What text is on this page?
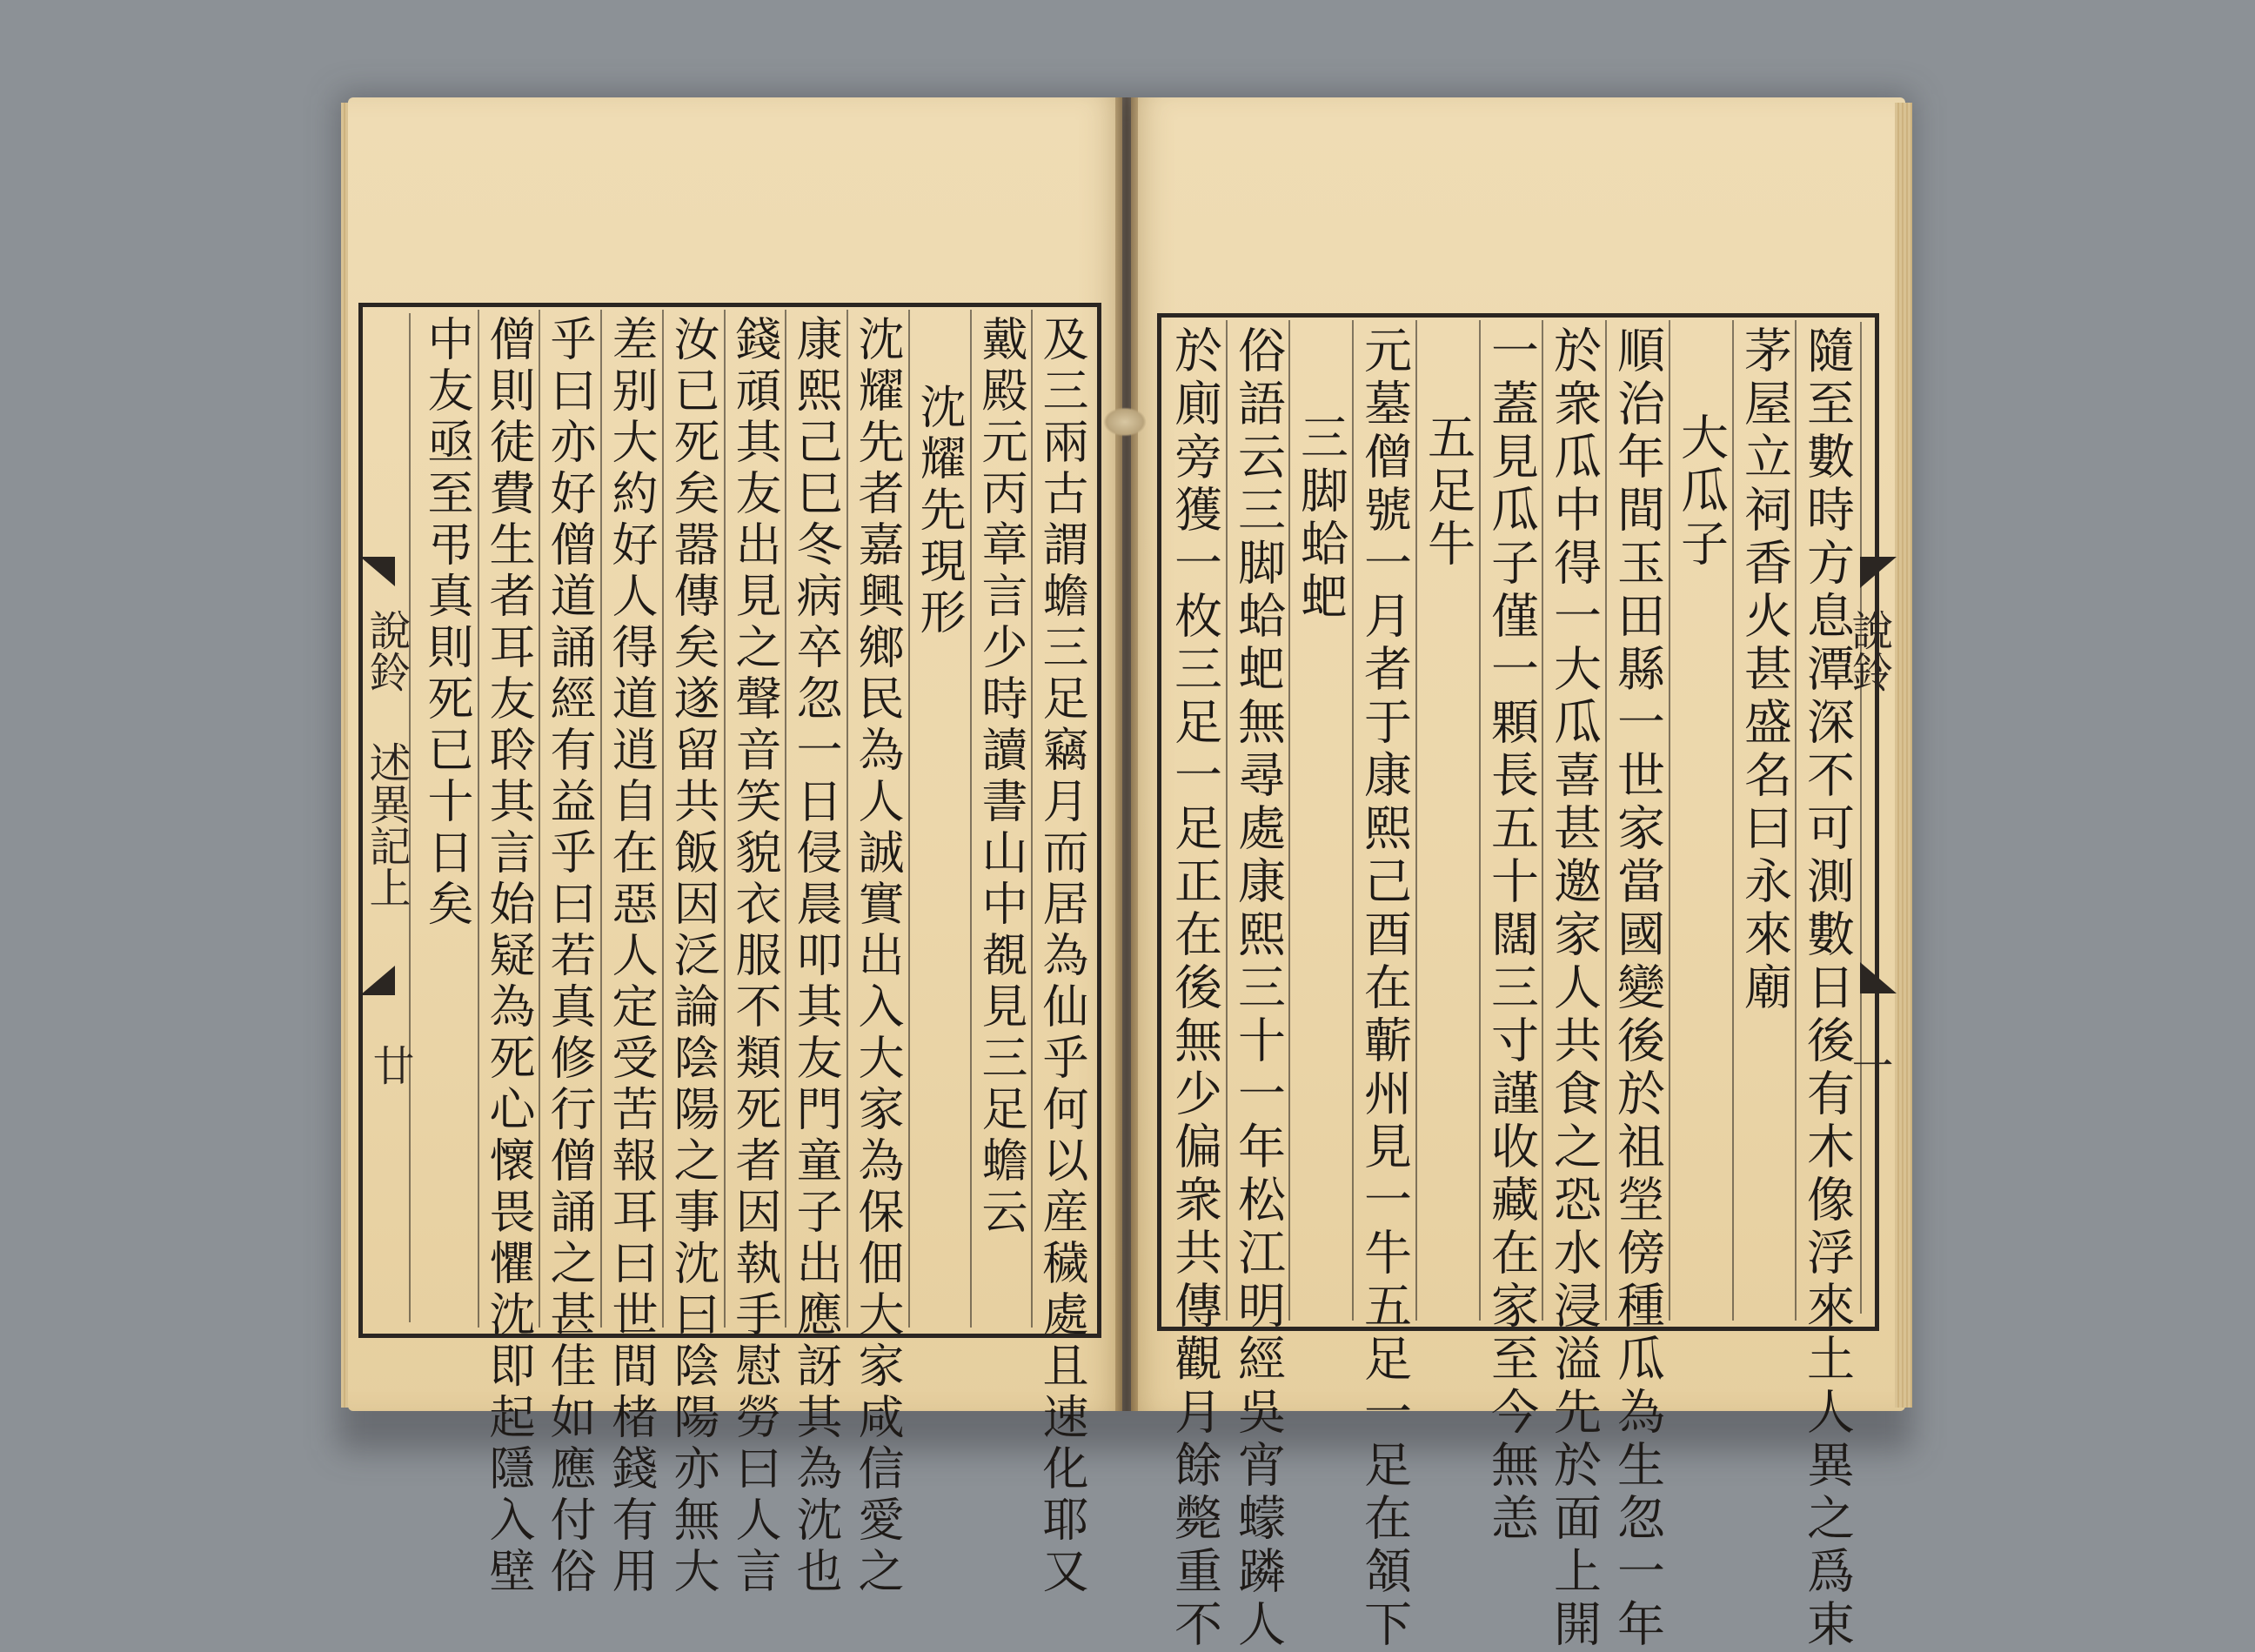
說鈴 述異記上
廿	及三兩古謂蟾三足竊月而居為仙乎何以産穢處且速化耶又
戴殿元丙章言少時讀書山中覩見三足蟾云
沈耀先現形
沈耀先者嘉興鄉民為人誠實出入大家為保佃大家咸信愛之
康熙己巳冬病卒忽一日侵晨叩其友門童子出應訝其為沈也
錢頑其友出見之聲音笑貌衣服不類死者因執手慰勞曰人言
汝已死矣嚣傳矣遂留共飯因泛論陰陽之事沈曰陰陽亦無大
差别大約好人得道逍自在惡人定受苦報耳曰世間楮錢有用
乎曰亦好僧道誦經有益乎曰若真修行僧誦之甚佳如應付俗
僧則徒費生者耳友聆其言始疑為死心懷畏懼沈即起隱入壁
中友亟至弔真則死已十日矣	說鈴
一
隨至數時方息潭深不可測數日後有木像浮來土人異之爲束
茅屋立祠香火甚盛名曰永來廟
大瓜子
順治年間玉田縣一世家當國變後於祖塋傍種瓜為生忽一年
於衆瓜中得一大瓜喜甚邀家人共食之恐水浸溢先於面上開
一蓋見瓜子僅一顆長五十闊三寸謹收藏在家至今無恙
五足牛
元墓僧號一月者于康熙己酉在蘄州見一牛五足一足在頷下
三脚蛤蚆
俗語云三脚蛤蚆無尋處康熙三十一年松江明經吳宵蠓蹸人
於廁旁獲一枚三足一足正在後無少偏衆共傳觀月餘斃重不
